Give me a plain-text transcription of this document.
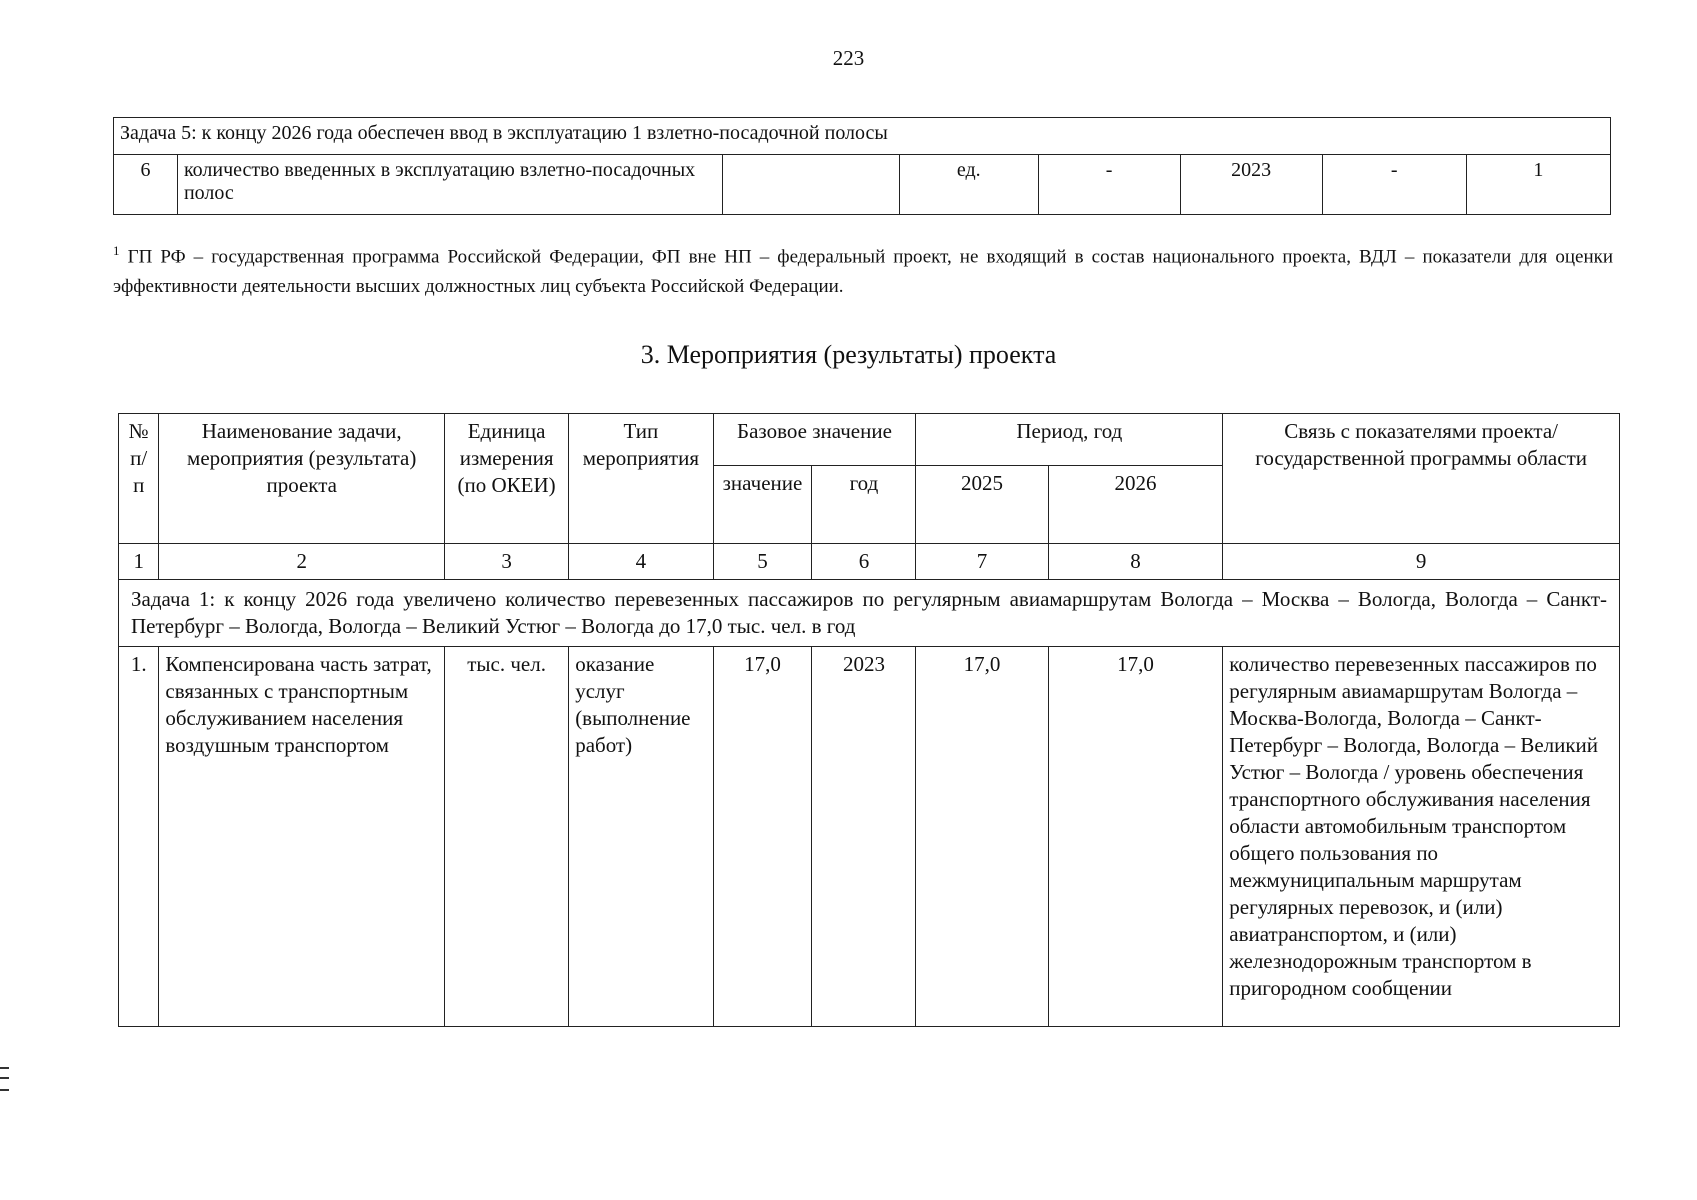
223
Задача 5: к концу 2026 года обеспечен ввод в эксплуатацию 1 взлетно-посадочной полосы
6	количество введенных в эксплуатацию взлетно-посадочных полос		ед.	-	2023	-	1
$^1$ ГП РФ – государственная программа Российской Федерации, ФП вне НП – федеральный проект, не входящий в состав национального проекта, ВДЛ – показатели для оценки эффективности деятельности высших должностных лиц субъекта Российской Федерации.
3. Мероприятия (результаты) проекта
№ п/п	Наименование задачи, мероприятия (результата) проекта	Единица измерения (по ОКЕИ)	Тип мероприятия	Базовое значение		Период, год		Связь с показателями проекта/государственной программы области
				значение	год	2025	2026	
1	2	3	4	5	6	7	8	9
Задача 1: к концу 2026 года увеличено количество перевезенных пассажиров по регулярным авиамаршрутам Вологда – Москва – Вологда, Вологда – Санкт-Петербург – Вологда, Вологда – Великий Устюг – Вологда до 17,0 тыс. чел. в год								
1.	Компенсирована часть затрат, связанных с транспортным обслуживанием населения воздушным транспортом	тыс. чел.	оказание услуг (выполнение работ)	17,0	2023	17,0	17,0	количество перевезенных пассажиров по регулярным авиамаршрутам Вологда – Москва-Вологда, Вологда – Санкт-Петербург – Вологда, Вологда – Великий Устюг – Вологда / уровень обеспечения транспортного обслуживания населения области автомобильным транспортом общего пользования по межмуниципальным маршрутам регулярных перевозок, и (или) авиатранспортом, и (или) железнодорожным транспортом в пригородном сообщении
